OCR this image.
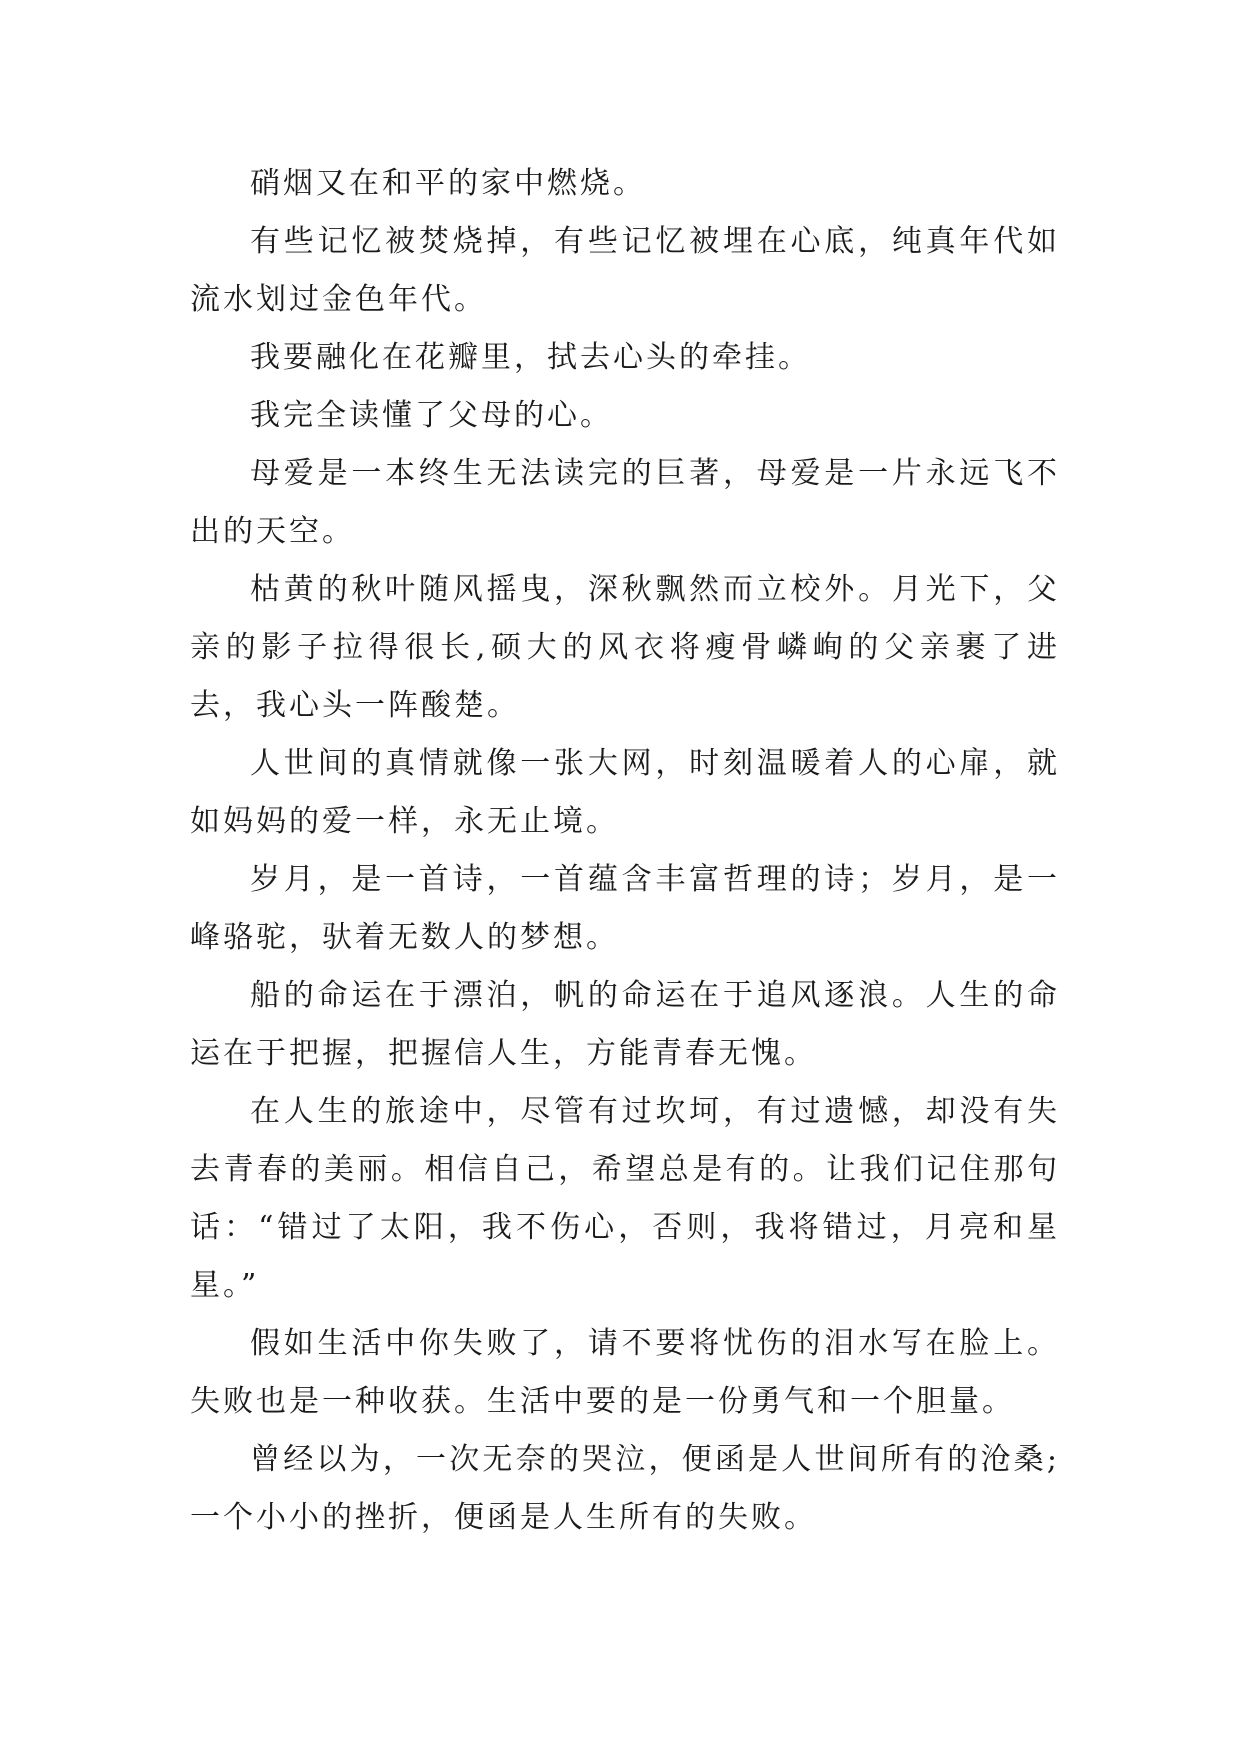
硝烟又在和平的家中燃烧。

有些记忆被焚烧掉，有些记忆被埋在心底，纯真年代如流水划过金色年代。

我要融化在花瓣里，拭去心头的牵挂。

我完全读懂了父母的心。

母爱是一本终生无法读完的巨著，母爱是一片永远飞不出的天空。

枯黄的秋叶随风摇曳，深秋飘然而立校外。月光下，父亲的影子拉得很长,硕大的风衣将瘦骨嶙峋的父亲裹了进去，我心头一阵酸楚。

人世间的真情就像一张大网，时刻温暖着人的心扉，就如妈妈的爱一样，永无止境。

岁月，是一首诗，一首蕴含丰富哲理的诗；岁月，是一峰骆驼，驮着无数人的梦想。

船的命运在于漂泊，帆的命运在于追风逐浪。人生的命运在于把握，把握信人生，方能青春无愧。

在人生的旅途中，尽管有过坎坷，有过遗憾，却没有失去青春的美丽。相信自己，希望总是有的。让我们记住那句话：“错过了太阳，我不伤心，否则，我将错过，月亮和星星。”

假如生活中你失败了，请不要将忧伤的泪水写在脸上。失败也是一种收获。生活中要的是一份勇气和一个胆量。

曾经以为，一次无奈的哭泣，便函是人世间所有的沧桑;一个小小的挫折，便函是人生所有的失败。
